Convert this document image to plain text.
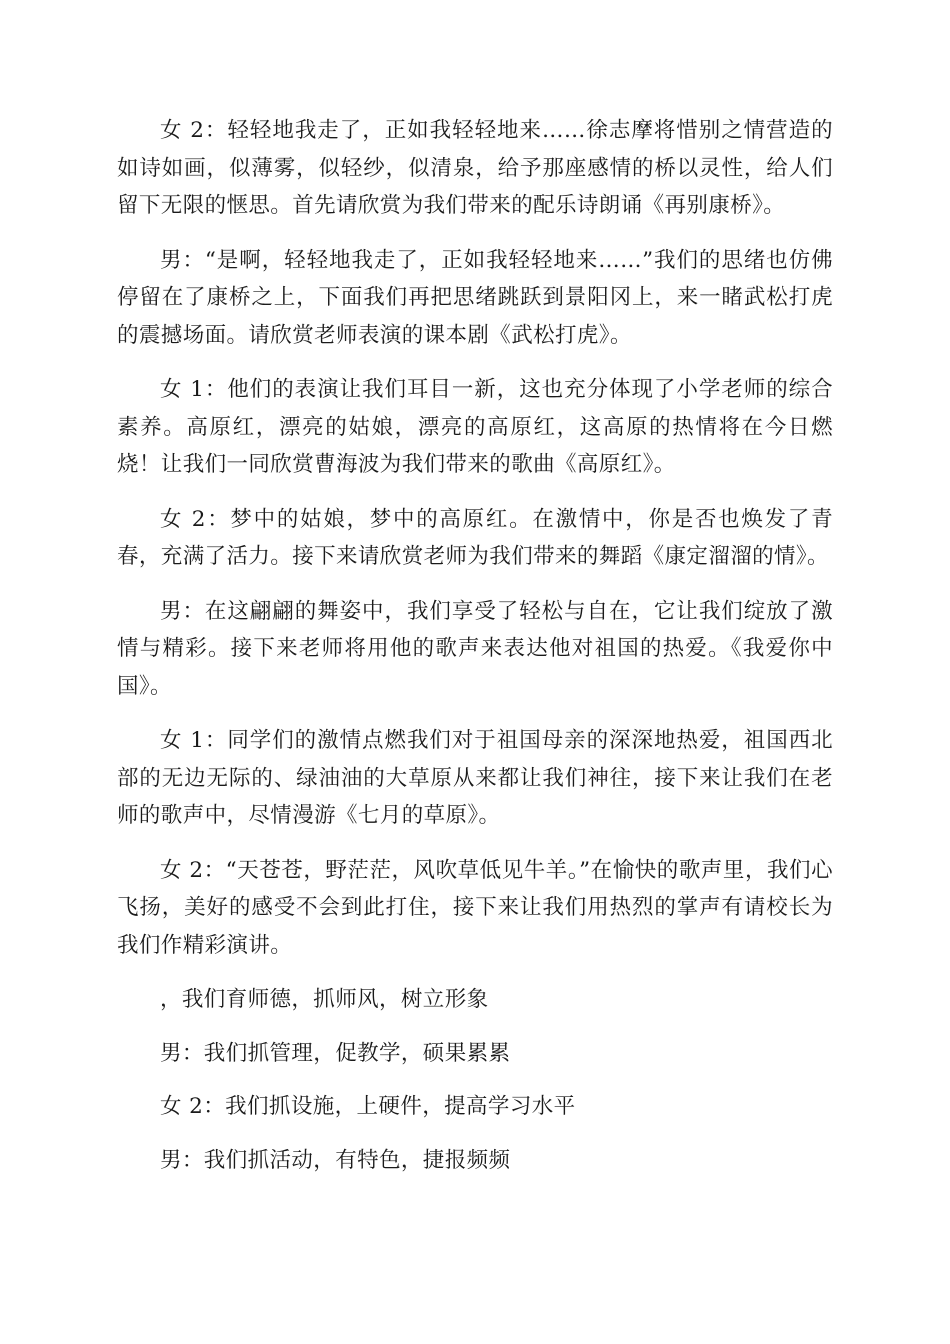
女 2：轻轻地我走了，正如我轻轻地来……徐志摩将惜别之情营造的如诗如画，似薄雾，似轻纱，似清泉，给予那座感情的桥以灵性，给人们留下无限的惬思。首先请欣赏为我们带来的配乐诗朗诵《再别康桥》。

男：“是啊，轻轻地我走了，正如我轻轻地来……”我们的思绪也仿佛停留在了康桥之上，下面我们再把思绪跳跃到景阳冈上，来一睹武松打虎的震撼场面。请欣赏老师表演的课本剧《武松打虎》。

女 1：他们的表演让我们耳目一新，这也充分体现了小学老师的综合素养。高原红，漂亮的姑娘，漂亮的高原红，这高原的热情将在今日燃烧！让我们一同欣赏曹海波为我们带来的歌曲《高原红》。

女 2：梦中的姑娘，梦中的高原红。在激情中，你是否也焕发了青春，充满了活力。接下来请欣赏老师为我们带来的舞蹈《康定溜溜的情》。

男：在这翩翩的舞姿中，我们享受了轻松与自在，它让我们绽放了激情与精彩。接下来老师将用他的歌声来表达他对祖国的热爱。《我爱你中国》。

女 1：同学们的激情点燃我们对于祖国母亲的深深地热爱，祖国西北部的无边无际的、绿油油的大草原从来都让我们神往，接下来让我们在老师的歌声中，尽情漫游《七月的草原》。

女 2：“天苍苍，野茫茫，风吹草低见牛羊。”在愉快的歌声里，我们心飞扬，美好的感受不会到此打住，接下来让我们用热烈的掌声有请校长为我们作精彩演讲。

，我们育师德，抓师风，树立形象

男：我们抓管理，促教学，硕果累累

女 2：我们抓设施，上硬件，提高学习水平

男：我们抓活动，有特色，捷报频频
